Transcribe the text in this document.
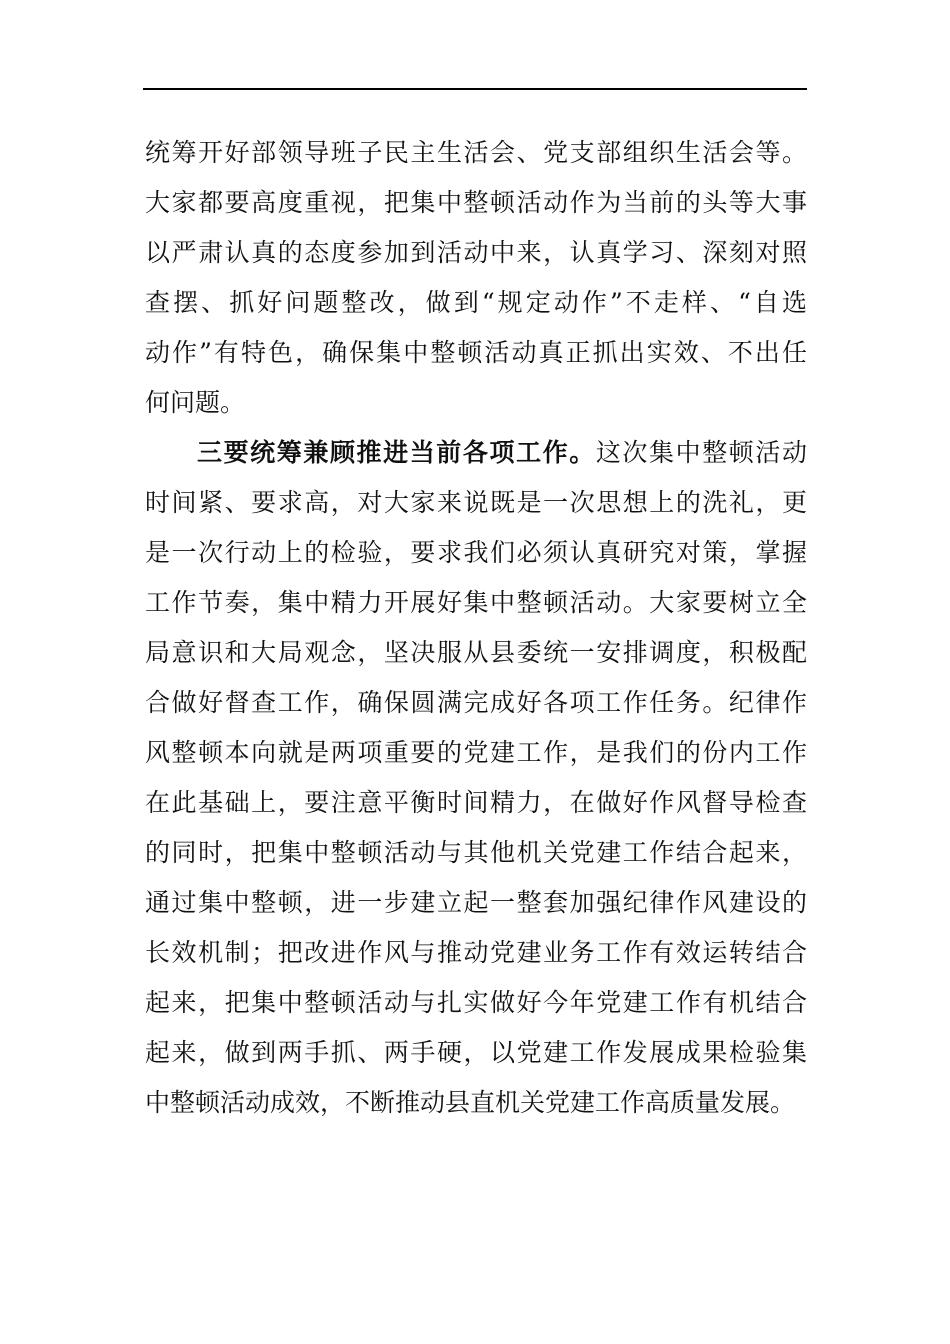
统筹开好部领导班子民主生活会、党支部组织生活会等。
大家都要高度重视，把集中整顿活动作为当前的头等大事
以严肃认真的态度参加到活动中来，认真学习、深刻对照
查摆、抓好问题整改，做到“规定动作”不走样、“自选
动作”有特色，确保集中整顿活动真正抓出实效、不出任
何问题。
三要统筹兼顾推进当前各项工作。这次集中整顿活动
时间紧、要求高，对大家来说既是一次思想上的洗礼，更
是一次行动上的检验，要求我们必须认真研究对策，掌握
工作节奏，集中精力开展好集中整顿活动。大家要树立全
局意识和大局观念，坚决服从县委统一安排调度，积极配
合做好督查工作，确保圆满完成好各项工作任务。纪律作
风整顿本向就是两项重要的党建工作，是我们的份内工作
在此基础上，要注意平衡时间精力，在做好作风督导检查
的同时，把集中整顿活动与其他机关党建工作结合起来，
通过集中整顿，进一步建立起一整套加强纪律作风建设的
长效机制；把改进作风与推动党建业务工作有效运转结合
起来，把集中整顿活动与扎实做好今年党建工作有机结合
起来，做到两手抓、两手硬，以党建工作发展成果检验集
中整顿活动成效，不断推动县直机关党建工作高质量发展。
